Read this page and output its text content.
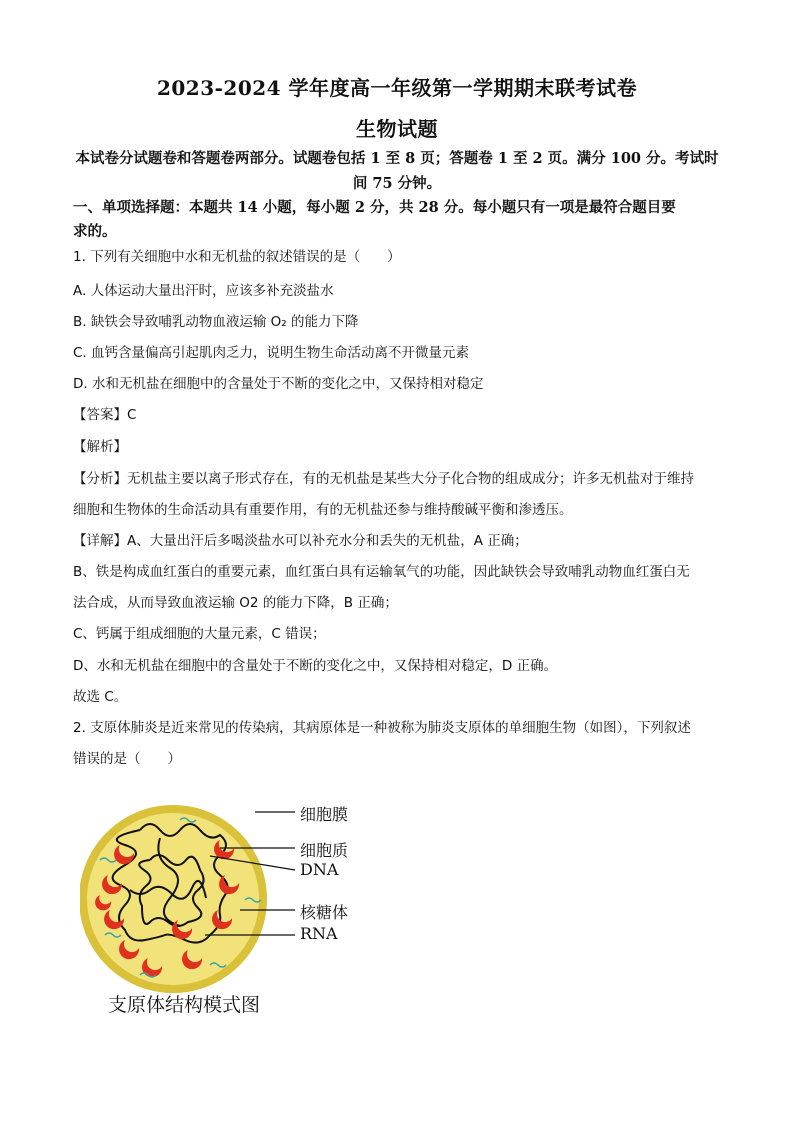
2023-2024 学年度高一年级第一学期期末联考试卷
生物试题
本试卷分试题卷和答题卷两部分。试题卷包括 1 至 8 页；答题卷 1 至 2 页。满分 100 分。考试时间 75 分钟。
一、单项选择题：本题共 14 小题，每小题 2 分，共 28 分。每小题只有一项是最符合题目要
求的。
1. 下列有关细胞中水和无机盐的叙述错误的是（　　）
A. 人体运动大量出汗时，应该多补充淡盐水
B. 缺铁会导致哺乳动物血液运输 O₂ 的能力下降
C. 血钙含量偏高引起肌肉乏力，说明生物生命活动离不开微量元素
D. 水和无机盐在细胞中的含量处于不断的变化之中，又保持相对稳定
【答案】C
【解析】
【分析】无机盐主要以离子形式存在，有的无机盐是某些大分子化合物的组成成分；许多无机盐对于维持
细胞和生物体的生命活动具有重要作用，有的无机盐还参与维持酸碱平衡和渗透压。
【详解】A、大量出汗后多喝淡盐水可以补充水分和丢失的无机盐，A 正确；
B、铁是构成血红蛋白的重要元素，血红蛋白具有运输氧气的功能，因此缺铁会导致哺乳动物血红蛋白无
法合成，从而导致血液运输 O2 的能力下降，B 正确；
C、钙属于组成细胞的大量元素，C 错误；
D、水和无机盐在细胞中的含量处于不断的变化之中，又保持相对稳定，D 正确。
故选 C。
2. 支原体肺炎是近来常见的传染病，其病原体是一种被称为肺炎支原体的单细胞生物（如图），下列叙述
错误的是（　　）
细胞膜
细胞质
DNA
核糖体
RNA
支原体结构模式图
